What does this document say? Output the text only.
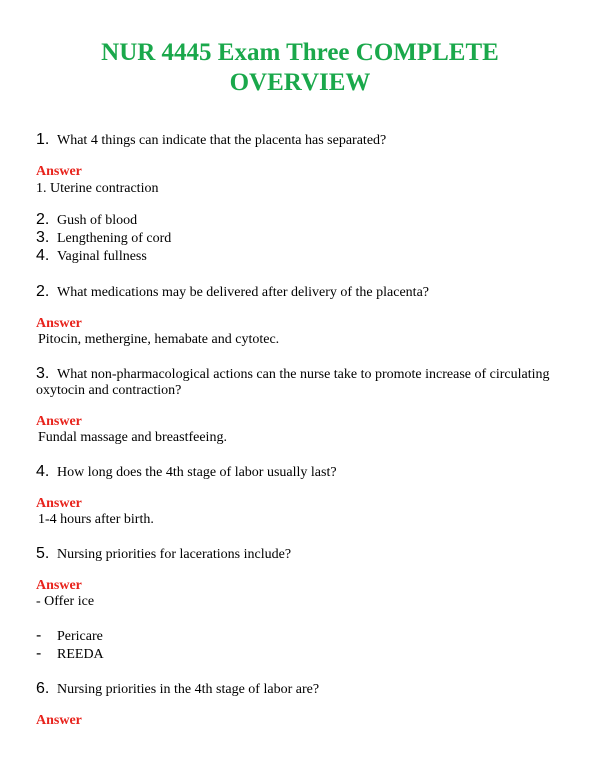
NUR 4445 Exam Three COMPLETE
OVERVIEW
1. What 4 things can indicate that the placenta has separated?
Answer
1. Uterine contraction
2. Gush of blood
3. Lengthening of cord
4. Vaginal fullness
2. What medications may be delivered after delivery of the placenta?
Answer
Pitocin, methergine, hemabate and cytotec.
3. What non-pharmacological actions can the nurse take to promote increase of circulating
oxytocin and contraction?
Answer
Fundal massage and breastfeeing.
4. How long does the 4th stage of labor usually last?
Answer
1-4 hours after birth.
5. Nursing priorities for lacerations include?
Answer
- Offer ice
- Pericare
- REEDA
6. Nursing priorities in the 4th stage of labor are?
Answer
